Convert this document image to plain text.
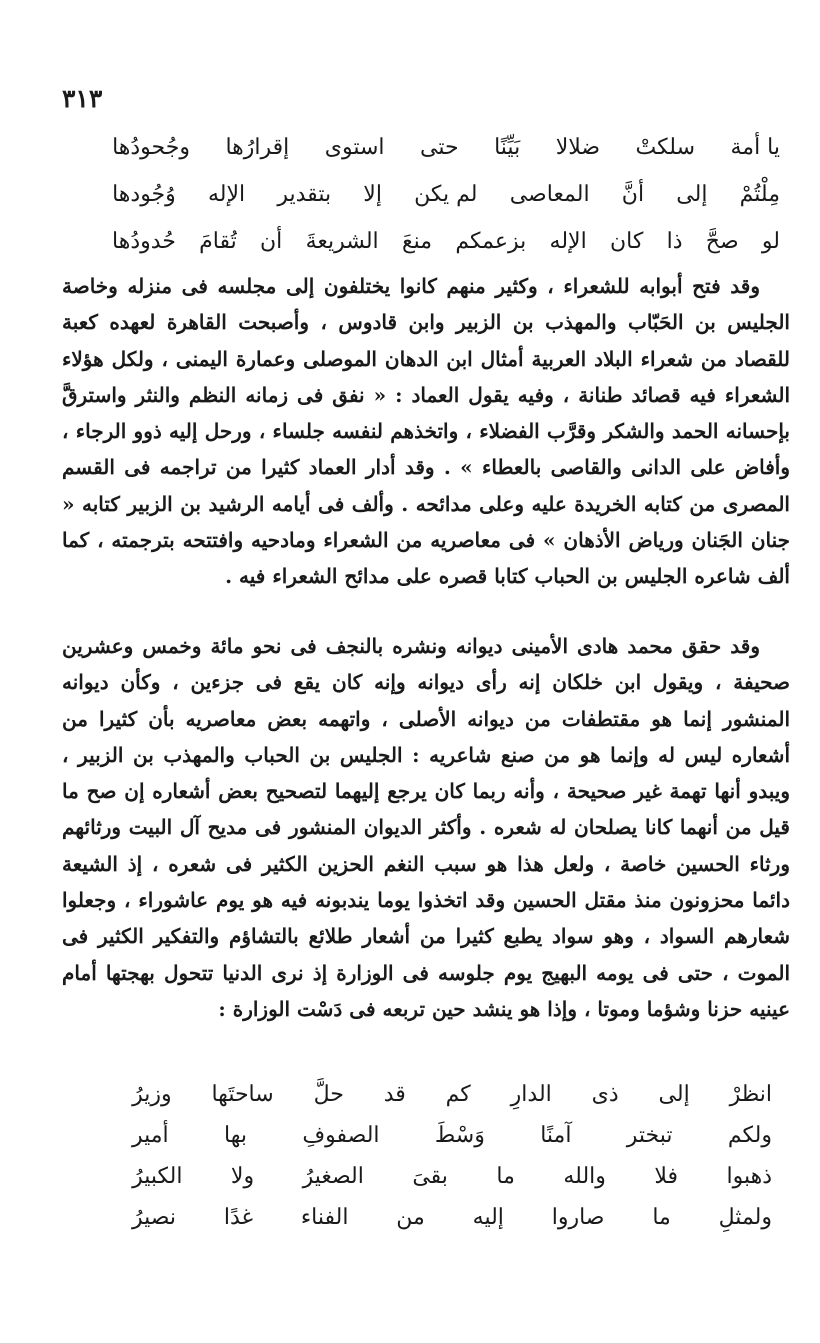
٣١٣
يا أمة
سلكتْ
ضلالا
بَيِّنًا
حتى
استوى
إقرارُها
وجُحودُها
مِلْتُمْ
إلى
أنَّ
المعاصى
لم يكن
إلا
بتقدير
الإله
وُجُودها
لو
صحَّ
ذا
كان
الإله
بزعمكم
منعَ
الشريعةَ
أن
تُقامَ
حُدودُها

وقد فتح أبوابه للشعراء ، وكثير منهم كانوا يختلفون إلى مجلسه فى منزله وخاصة الجليس بن الحَبّاب والمهذب بن الزبير وابن قادوس ، وأصبحت القاهرة لعهده كعبة للقصاد من شعراء البلاد العربية أمثال ابن الدهان الموصلى وعمارة اليمنى ، ولكل هؤلاء الشعراء فيه قصائد طنانة ، وفيه يقول العماد : « نفق فى زمانه النظم والنثر واسترقَّ بإحسانه الحمد والشكر وقرَّب الفضلاء ، واتخذهم لنفسه جلساء ، ورحل إليه ذوو الرجاء ، وأفاض على الدانى والقاصى بالعطاء » . وقد أدار العماد كثيرا من تراجمه فى القسم المصرى من كتابه الخريدة عليه وعلى مدائحه . وألف فى أيامه الرشيد بن الزبير كتابه « جنان الجَنان ورياض الأذهان » فى معاصريه من الشعراء ومادحيه وافتتحه بترجمته ، كما ألف شاعره الجليس بن الحباب كتابا قصره على مدائح الشعراء فيه .

وقد حقق محمد هادى الأمينى ديوانه ونشره بالنجف فى نحو مائة وخمس وعشرين صحيفة ، ويقول ابن خلكان إنه رأى ديوانه وإنه كان يقع فى جزءين ، وكأن ديوانه المنشور إنما هو مقتطفات من ديوانه الأصلى ، واتهمه بعض معاصريه بأن كثيرا من أشعاره ليس له وإنما هو من صنع شاعريه : الجليس بن الحباب والمهذب بن الزبير ، ويبدو أنها تهمة غير صحيحة ، وأنه ربما كان يرجع إليهما لتصحيح بعض أشعاره إن صح ما قيل من أنهما كانا يصلحان له شعره . وأكثر الديوان المنشور فى مديح آل البيت ورثائهم ورثاء الحسين خاصة ، ولعل هذا هو سبب النغم الحزين الكثير فى شعره ، إذ الشيعة دائما محزونون منذ مقتل الحسين وقد اتخذوا يوما يندبونه فيه هو يوم عاشوراء ، وجعلوا شعارهم السواد ، وهو سواد يطبع كثيرا من أشعار طلائع بالتشاؤم والتفكير الكثير فى الموت ، حتى فى يومه البهيج يوم جلوسه فى الوزارة إذ نرى الدنيا تتحول بهجتها أمام عينيه حزنا وشؤما وموتا ، وإذا هو ينشد حين تربعه فى دَسْت الوزارة :

انظرْ
إلى
ذى
الدارِ
كم
قد
حلَّ
ساحتَها
وزيرُ
ولكم
تبختر
آمنًا
وَسْطَ
الصفوفِ
بها
أمير
ذهبوا
فلا
والله
ما
بقىَ
الصغيرُ
ولا
الكبيرُ
ولمثلِ
ما
صاروا
إليه
من
الفناء
غدًا
نصيرُ
